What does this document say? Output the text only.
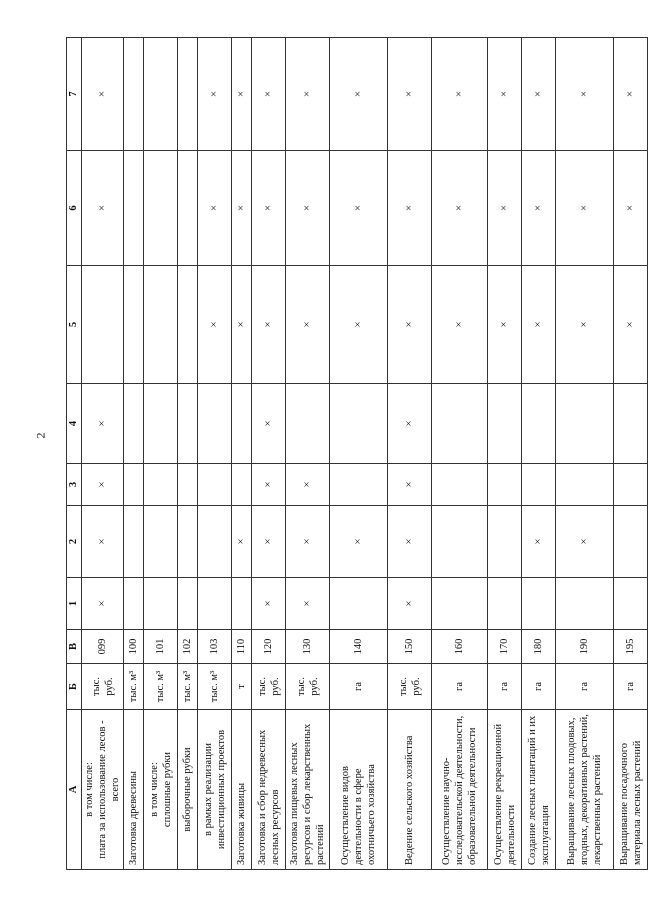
2
А	Б	В	1	2	3	4	5	6	7
в том числе: плата за использование лесов - всего	тыс. руб.	099	×	×	×	×		×	×
Заготовка древесины	тыс. м³	100							
в том числе: сплошные рубки	тыс. м³	101							
выборочные рубки	тыс. м³	102							
в рамках реализации инвестиционных проектов	тыс. м³	103					×	×	×
Заготовка живицы	т	110		×			×	×	×
Заготовка и сбор недревесных лесных ресурсов	тыс. руб.	120	×	×	×	×	×	×	×
Заготовка пищевых лесных ресурсов и сбор лекарственных растений	тыс. руб.	130	×	×	×		×	×	×
Осуществление видов деятельности в сфере охотничьего хозяйства	га	140		×			×	×	×
Ведение сельского хозяйства	тыс. руб.	150	×	×	×	×	×	×	×
Осуществление научно-исследовательской деятельности, образовательной деятельности	га	160					×	×	×
Осуществление рекреационной деятельности	га	170					×	×	×
Создание лесных плантаций и их эксплуатация	га	180		×			×	×	×
Выращивание лесных плодовых, ягодных, декоративных растений, лекарственных растений	га	190		×			×	×	×
Выращивание посадочного материала лесных растений	га	195					×	×	×
